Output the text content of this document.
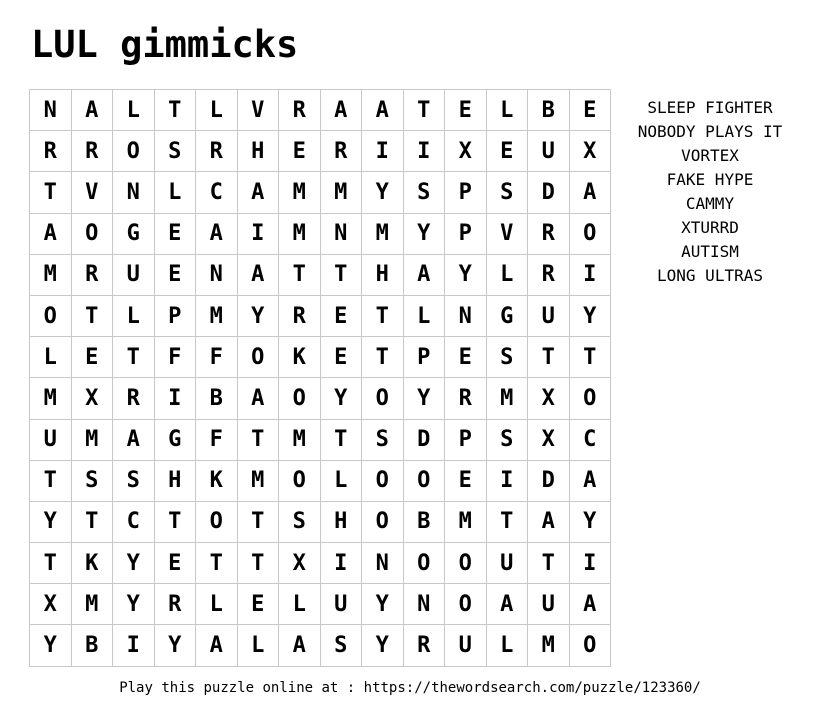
LUL gimmicks
N	A	L	T	L	V	R	A	A	T	E	L	B	E
R	R	O	S	R	H	E	R	I	I	X	E	U	X
T	V	N	L	C	A	M	M	Y	S	P	S	D	A
A	O	G	E	A	I	M	N	M	Y	P	V	R	O
M	R	U	E	N	A	T	T	H	A	Y	L	R	I
O	T	L	P	M	Y	R	E	T	L	N	G	U	Y
L	E	T	F	F	O	K	E	T	P	E	S	T	T
M	X	R	I	B	A	O	Y	O	Y	R	M	X	O
U	M	A	G	F	T	M	T	S	D	P	S	X	C
T	S	S	H	K	M	O	L	O	O	E	I	D	A
Y	T	C	T	O	T	S	H	O	B	M	T	A	Y
T	K	Y	E	T	T	X	I	N	O	O	U	T	I
X	M	Y	R	L	E	L	U	Y	N	O	A	U	A
Y	B	I	Y	A	L	A	S	Y	R	U	L	M	O
SLEEP FIGHTER
NOBODY PLAYS IT
VORTEX
FAKE HYPE
CAMMY
XTURRD
AUTISM
LONG ULTRAS
Play this puzzle online at : https://thewordsearch.com/puzzle/123360/
